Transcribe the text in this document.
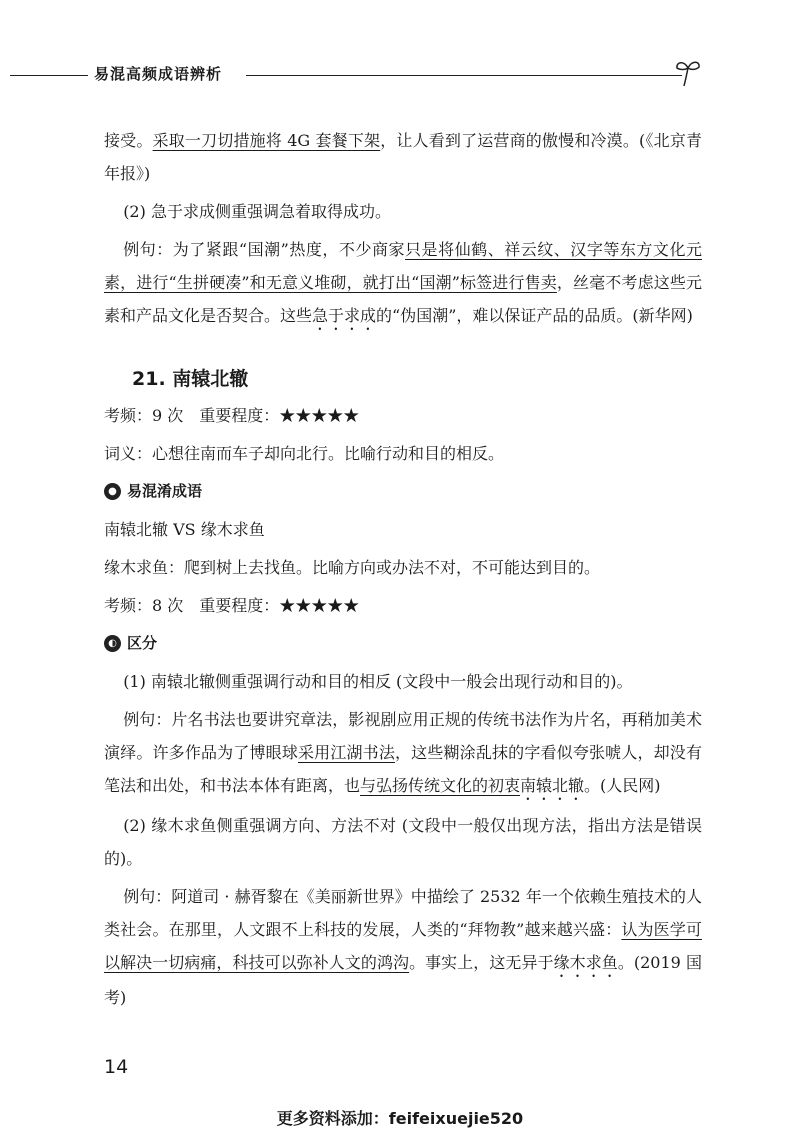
易混高频成语辨析

接受。采取一刀切措施将 4G 套餐下架，让人看到了运营商的傲慢和冷漠。(《北京青年报》)

(2) 急于求成侧重强调急着取得成功。

例句：为了紧跟“国潮”热度，不少商家只是将仙鹤、祥云纹、汉字等东方文化元素，进行“生拼硬凑”和无意义堆砌，就打出“国潮”标签进行售卖，丝毫不考虑这些元素和产品文化是否契合。这些急于求成的“伪国潮”，难以保证产品的品质。(新华网)

21. 南辕北辙

考频：9 次　重要程度：★★★★★

词义：心想往南而车子却向北行。比喻行动和目的相反。

● 易混淆成语

南辕北辙 VS 缘木求鱼

缘木求鱼：爬到树上去找鱼。比喻方向或办法不对，不可能达到目的。

考频：8 次　重要程度：★★★★★

◐ 区分

(1) 南辕北辙侧重强调行动和目的相反 (文段中一般会出现行动和目的)。

例句：片名书法也要讲究章法，影视剧应用正规的传统书法作为片名，再稍加美术演绎。许多作品为了博眼球采用江湖书法，这些糊涂乱抹的字看似夸张唬人，却没有笔法和出处，和书法本体有距离，也与弘扬传统文化的初衷南辕北辙。(人民网)

(2) 缘木求鱼侧重强调方向、方法不对 (文段中一般仅出现方法，指出方法是错误的)。

例句：阿道司 · 赫胥黎在《美丽新世界》中描绘了 2532 年一个依赖生殖技术的人类社会。在那里，人文跟不上科技的发展，人类的“拜物教”越来越兴盛：认为医学可以解决一切病痛，科技可以弥补人文的鸿沟。事实上，这无异于缘木求鱼。(2019 国考)

14
更多资料添加：feifeixuejie520
